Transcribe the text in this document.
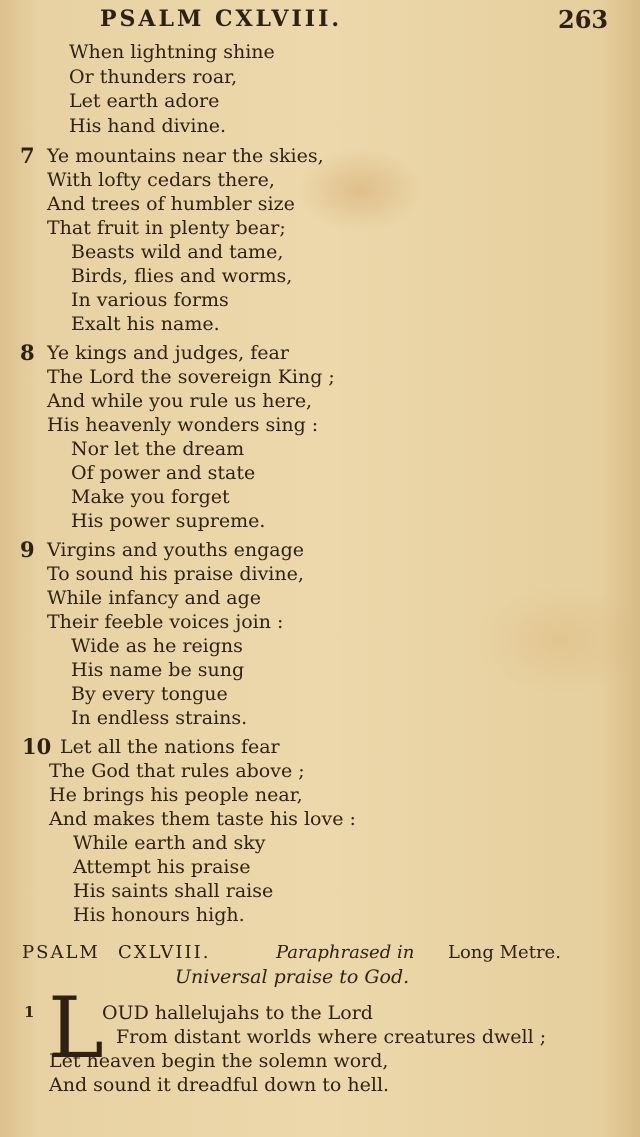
PSALM CXLVIII.	263
When lightning shine
Or thunders roar,
Let earth adore
His hand divine.
7 Ye mountains near the skies,
With lofty cedars there,
And trees of humbler size
That fruit in plenty bear;
Beasts wild and tame,
Birds, flies and worms,
In various forms
Exalt his name.
8 Ye kings and judges, fear
The Lord the sovereign King ;
And while you rule us here,
His heavenly wonders sing :
Nor let the dream
Of power and state
Make you forget
His power supreme.
9 Virgins and youths engage
To sound his praise divine,
While infancy and age
Their feeble voices join :
Wide as he reigns
His name be sung
By every tongue
In endless strains.
10 Let all the nations fear
The God that rules above ;
He brings his people near,
And makes them taste his love :
While earth and sky
Attempt his praise
His saints shall raise
His honours high.
PSALM CXLVIII.	Paraphrased in Long Metre.
Universal praise to God.
1 L
OUD hallelujahs to the Lord
From distant worlds where creatures dwell ;
Let heaven begin the solemn word,
And sound it dreadful down to hell.
